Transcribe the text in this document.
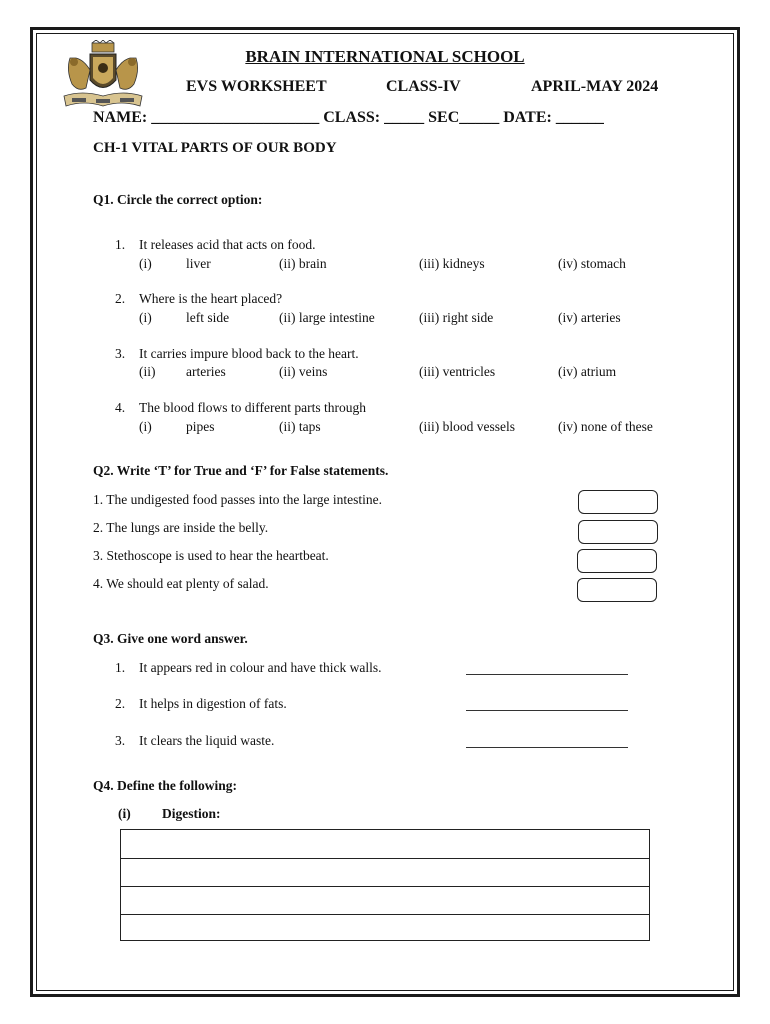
BRAIN INTERNATIONAL SCHOOL
EVS WORKSHEET	CLASS-IV	APRIL-MAY 2024
NAME: _____________________ CLASS: _____ SEC_____ DATE: ______
CH-1 VITAL PARTS OF OUR BODY
Q1. Circle the correct option:
1. It releases acid that acts on food.
(i)	liver	(ii) brain	(iii) kidneys	(iv) stomach
2. Where is the heart placed?
(i)	left side	(ii) large intestine	(iii) right side	(iv) arteries
3. It carries impure blood back to the heart.
(ii) arteries	(ii) veins	(iii) ventricles	(iv) atrium
4. The blood flows to different parts through
(i)	pipes	(ii) taps	(iii) blood vessels	(iv) none of these
Q2. Write ‘T’ for True and ‘F’ for False statements.
1. The undigested food passes into the large intestine.
2. The lungs are inside the belly.
3. Stethoscope is used to hear the heartbeat.
4. We should eat plenty of salad.
Q3. Give one word answer.
1. It appears red in colour and have thick walls.
2. It helps in digestion of fats.
3. It clears the liquid waste.
Q4. Define the following:
(i) Digestion:
